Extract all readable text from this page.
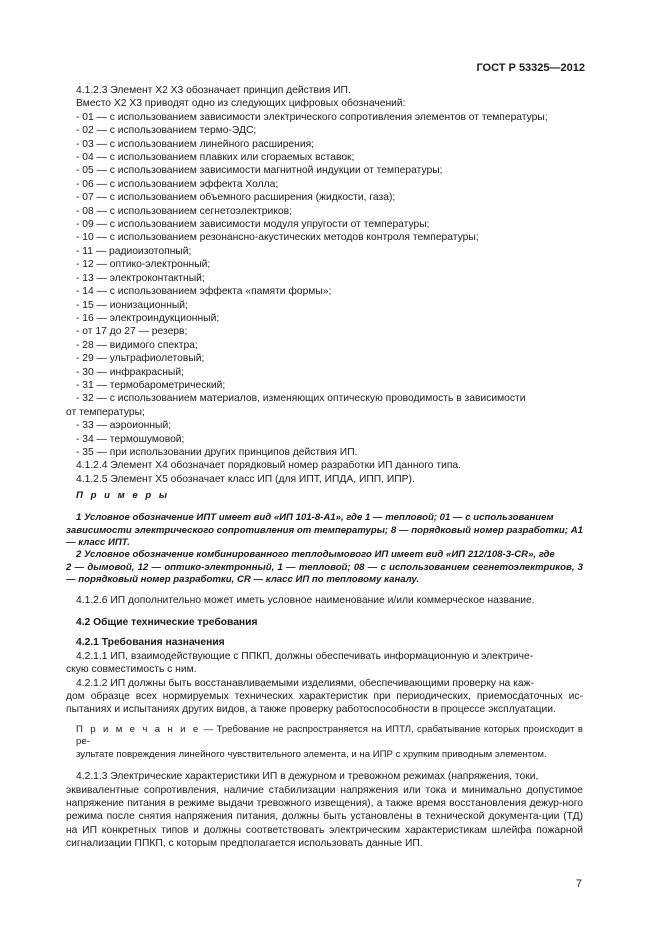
ГОСТ Р 53325—2012

4.1.2.3 Элемент X2 X3 обозначает принцип действия ИП.

Вместо X2 X3 приводят одно из следующих цифровых обозначений:

- 01 — с использованием зависимости электрического сопротивления элементов от температуры;

- 02 — с использованием термо-ЭДС;

- 03 — с использованием линейного расширения;

- 04 — с использованием плавких или сгораемых вставок;

- 05 — с использованием зависимости магнитной индукции от температуры;

- 06 — с использованием эффекта Холла;

- 07 — с использованием объемного расширения (жидкости, газа);

- 08 — с использованием сегнетоэлектриков;

- 09 — с использованием зависимости модуля упругости от температуры;

- 10 — с использованием резонансно-акустических методов контроля температуры;

- 11 — радиоизотопный;

- 12 — оптико-электронный;

- 13 — электроконтактный;

- 14 — с использованием эффекта «памяти формы»;

- 15 — ионизационный;

- 16 — электроиндукционный;

- от 17 до 27 — резерв;

- 28 — видимого спектра;

- 29 — ультрафиолетовый;

- 30 — инфракрасный;

- 31 — термобарометрический;

- 32 — с использованием материалов, изменяющих оптическую проводимость в зависимости

от температуры;

- 33 — аэроионный;

- 34 — термошумовой;

- 35 — при использовании других принципов действия ИП.

4.1.2.4 Элемент X4 обозначает порядковый номер разработки ИП данного типа.

4.1.2.5 Элемент X5 обозначает класс ИП (для ИПТ, ИПДА, ИПП, ИПР).

П р и м е р ы

1 Условное обозначение ИПТ имеет вид «ИП 101-8-А1», где 1 — тепловой; 01 — с использованием

зависимости электрического сопротивления от температуры; 8 — порядковый номер разработки; А1 — класс ИПТ.

2 Условное обозначение комбинированного теплодымового ИП имеет вид «ИП 212/108-3-CR», где

2 — дымовой, 12 — оптико-электронный, 1 — тепловой; 08 — с использованием сегнетоэлектриков, 3 — порядковый номер разработки, CR — класс ИП по тепловому каналу.

4.1.2.6 ИП дополнительно может иметь условное наименование и/или коммерческое название.

4.2 Общие технические требования

4.2.1 Требования назначения

4.2.1.1 ИП, взаимодействующие с ППКП, должны обеспечивать информационную и электриче-

скую совместимость с ним.

4.2.1.2 ИП должны быть восстанавливаемыми изделиями, обеспечивающими проверку на каж-

дом образце всех нормируемых технических характеристик при периодических, приемосдаточных ис-пытаниях и испытаниях других видов, а также проверку работоспособности в процессе эксплуатации.

П р и м е ч а н и е — Требование не распространяется на ИПТЛ, срабатывание которых происходит в ре-

зультате повреждения линейного чувствительного элемента, и на ИПР с хрупким приводным элементом.

4.2.1.3 Электрические характеристики ИП в дежурном и тревожном режимах (напряжения, токи,

эквивалентные сопротивления, наличие стабилизации напряжения или тока и минимально допустимое напряжение питания в режиме выдачи тревожного извещения), а также время восстановления дежур-ного режима после снятия напряжения питания, должны быть установлены в технической документа-ции (ТД) на ИП конкретных типов и должны соответствовать электрическим характеристикам шлейфа пожарной сигнализации ППКП, с которым предполагается использовать данные ИП.

7
